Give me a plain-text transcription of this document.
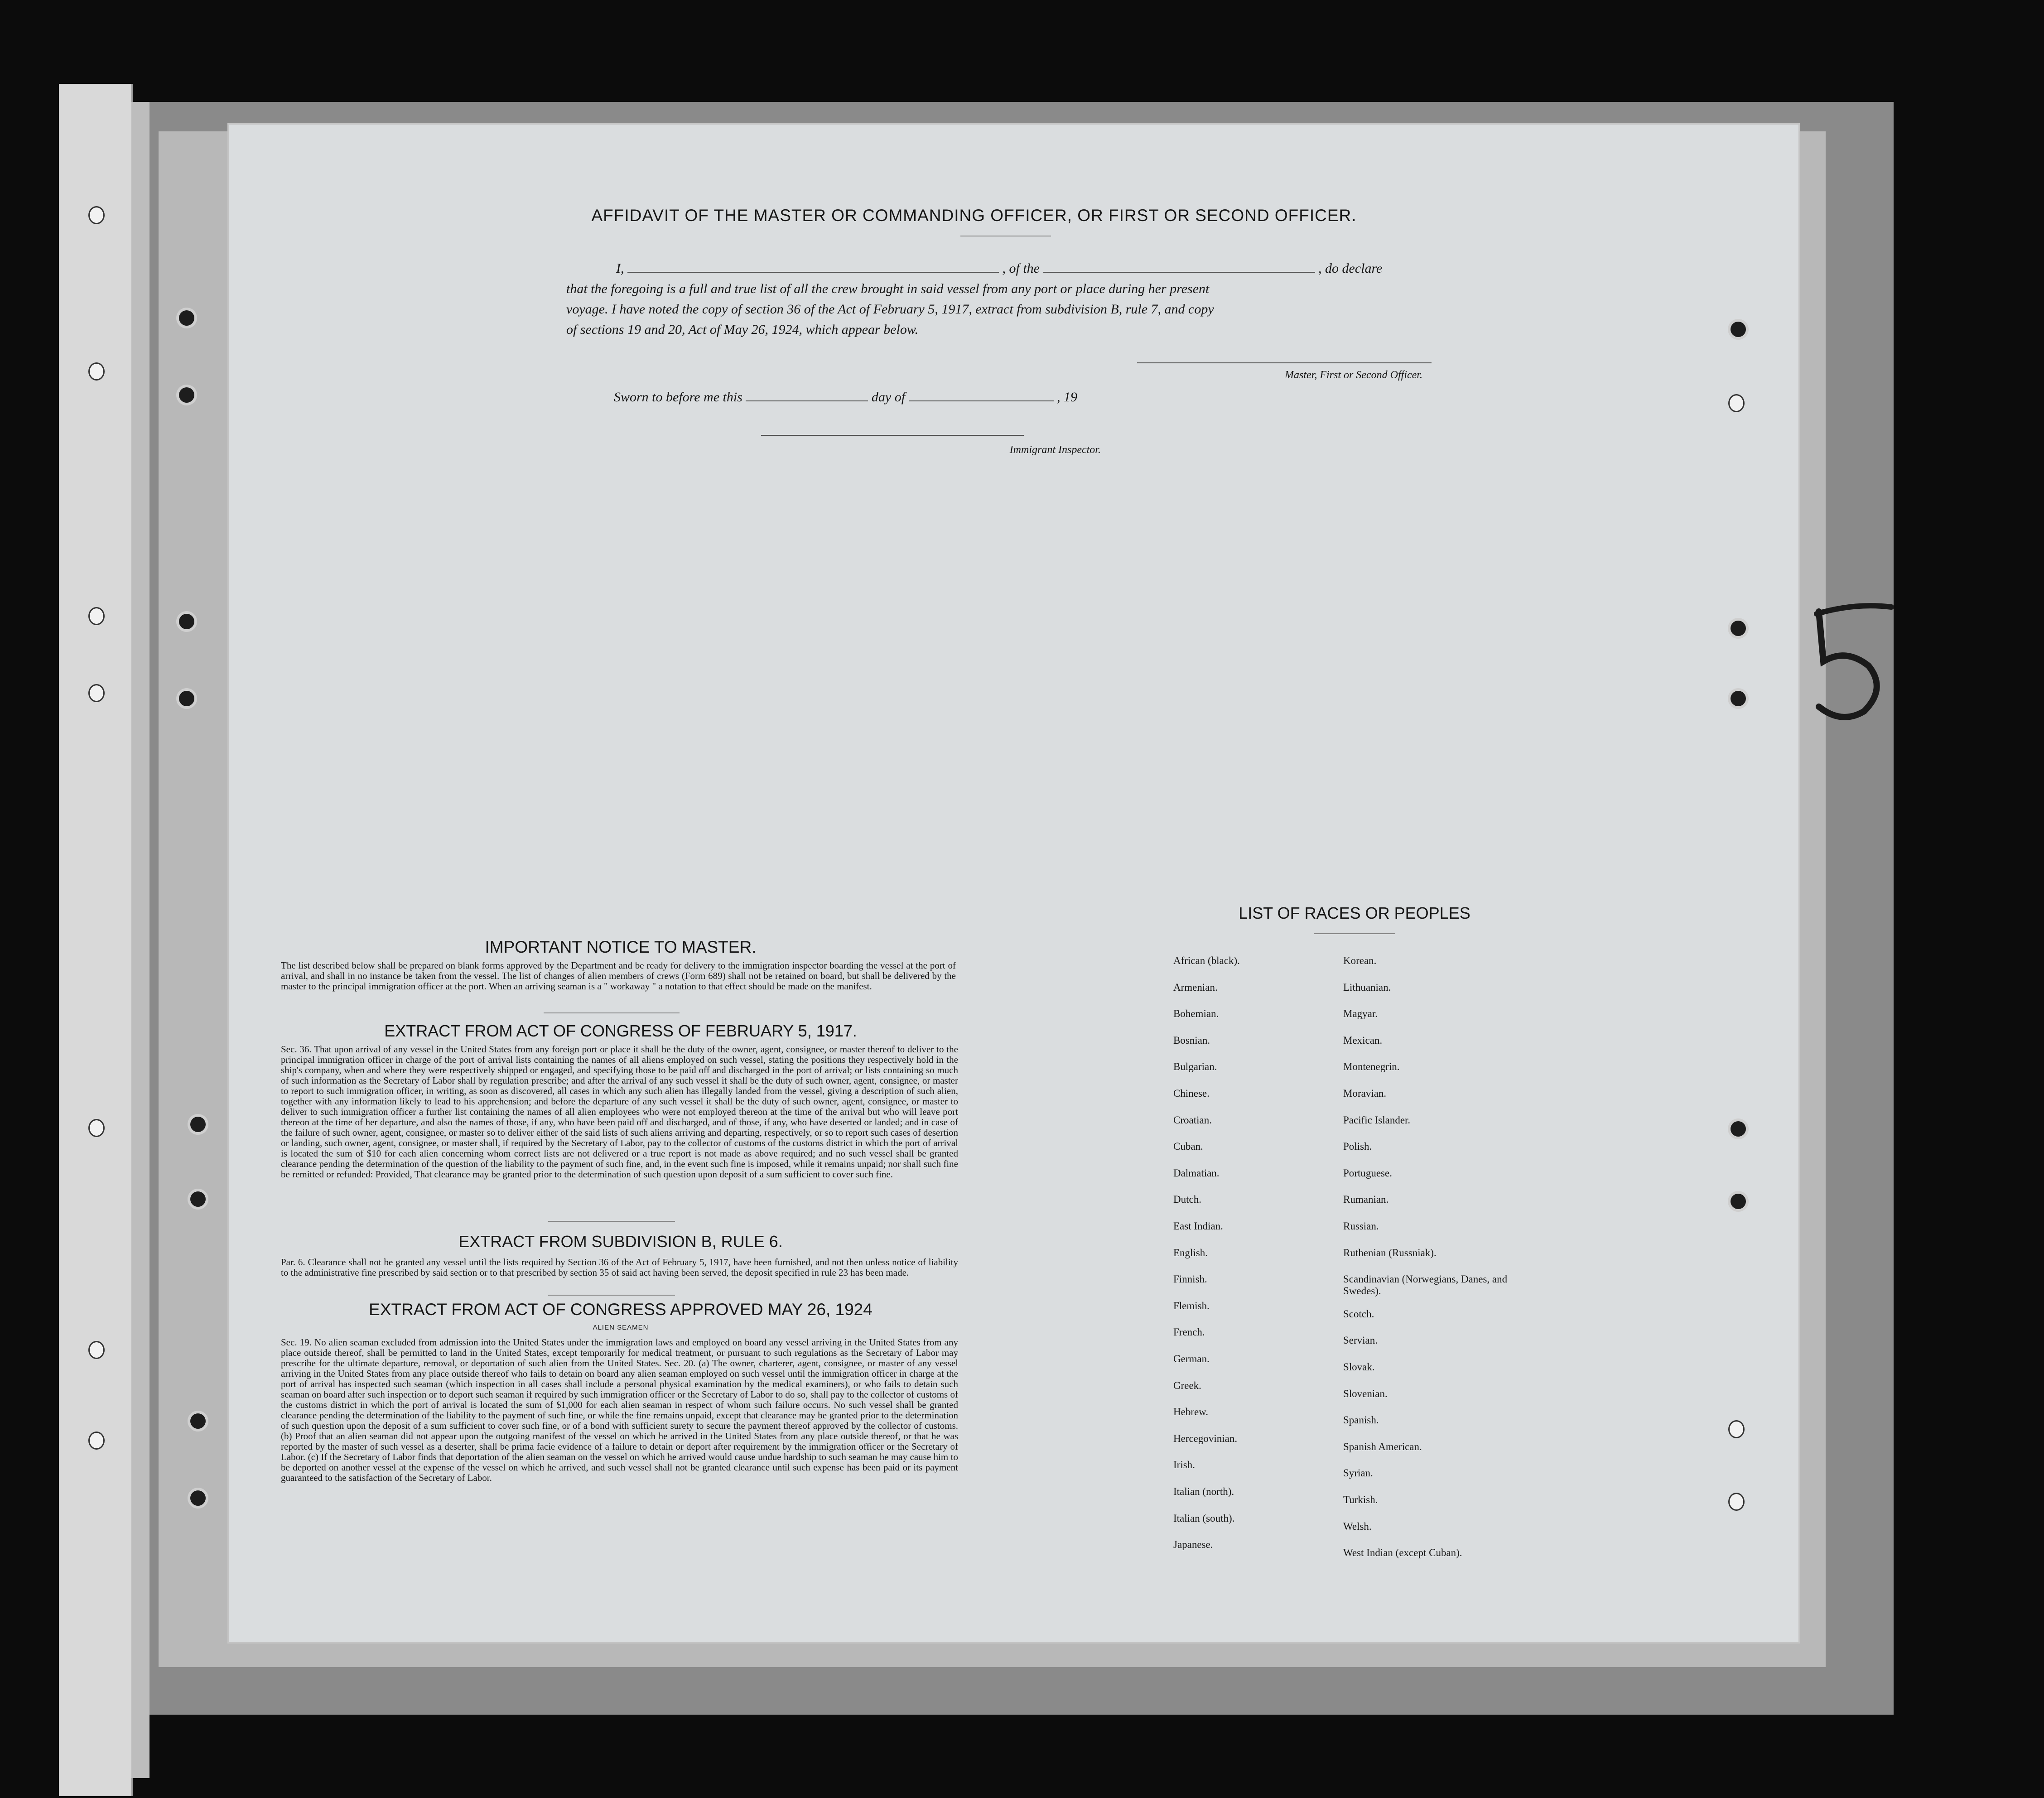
AFFIDAVIT OF THE MASTER OR COMMANDING OFFICER, OR FIRST OR SECOND OFFICER.
I,	, of the	, do declare
that the foregoing is a full and true list of all the crew brought in said vessel from any port or place during her present
voyage. I have noted the copy of section 36 of the Act of February 5, 1917, extract from subdivision B, rule 7, and copy
of sections 19 and 20, Act of May 26, 1924, which appear below.
Master, First or Second Officer.
Sworn to before me this	day of	, 19
Immigrant Inspector.
IMPORTANT NOTICE TO MASTER.
The list described below shall be prepared on blank forms approved by the Department and be ready for delivery to the immigration inspector boarding the vessel at the port of arrival, and shall in no instance be taken from the vessel. The list of changes of alien members of crews (Form 689) shall not be retained on board, but shall be delivered by the master to the principal immigration officer at the port. When an arriving seaman is a " workaway " a notation to that effect should be made on the manifest.
EXTRACT FROM ACT OF CONGRESS OF FEBRUARY 5, 1917.
Sec. 36. That upon arrival of any vessel in the United States from any foreign port or place it shall be the duty of the owner, agent, consignee, or master thereof to deliver to the principal immigration officer in charge of the port of arrival lists containing the names of all aliens employed on such vessel, stating the positions they respectively hold in the ship's company, when and where they were respectively shipped or engaged, and specifying those to be paid off and discharged in the port of arrival; or lists containing so much of such information as the Secretary of Labor shall by regulation prescribe; and after the arrival of any such vessel it shall be the duty of such owner, agent, consignee, or master to report to such immigration officer, in writing, as soon as discovered, all cases in which any such alien has illegally landed from the vessel, giving a description of such alien, together with any information likely to lead to his apprehension; and before the departure of any such vessel it shall be the duty of such owner, agent, consignee, or master to deliver to such immigration officer a further list containing the names of all alien employees who were not employed thereon at the time of the arrival but who will leave port thereon at the time of her departure, and also the names of those, if any, who have been paid off and discharged, and of those, if any, who have deserted or landed; and in case of the failure of such owner, agent, consignee, or master so to deliver either of the said lists of such aliens arriving and departing, respectively, or so to report such cases of desertion or landing, such owner, agent, consignee, or master shall, if required by the Secretary of Labor, pay to the collector of customs of the customs district in which the port of arrival is located the sum of $10 for each alien concerning whom correct lists are not delivered or a true report is not made as above required; and no such vessel shall be granted clearance pending the determination of the question of the liability to the payment of such fine, and, in the event such fine is imposed, while it remains unpaid; nor shall such fine be remitted or refunded: Provided, That clearance may be granted prior to the determination of such question upon deposit of a sum sufficient to cover such fine.
EXTRACT FROM SUBDIVISION B, RULE 6.
Par. 6. Clearance shall not be granted any vessel until the lists required by Section 36 of the Act of February 5, 1917, have been furnished, and not then unless notice of liability to the administrative fine prescribed by said section or to that prescribed by section 35 of said act having been served, the deposit specified in rule 23 has been made.
EXTRACT FROM ACT OF CONGRESS APPROVED MAY 26, 1924
ALIEN SEAMEN
Sec. 19. No alien seaman excluded from admission into the United States under the immigration laws and employed on board any vessel arriving in the United States from any place outside thereof, shall be permitted to land in the United States, except temporarily for medical treatment, or pursuant to such regulations as the Secretary of Labor may prescribe for the ultimate departure, removal, or deportation of such alien from the United States. Sec. 20. (a) The owner, charterer, agent, consignee, or master of any vessel arriving in the United States from any place outside thereof who fails to detain on board any alien seaman employed on such vessel until the immigration officer in charge at the port of arrival has inspected such seaman (which inspection in all cases shall include a personal physical examination by the medical examiners), or who fails to detain such seaman on board after such inspection or to deport such seaman if required by such immigration officer or the Secretary of Labor to do so, shall pay to the collector of customs of the customs district in which the port of arrival is located the sum of $1,000 for each alien seaman in respect of whom such failure occurs. No such vessel shall be granted clearance pending the determination of the liability to the payment of such fine, or while the fine remains unpaid, except that clearance may be granted prior to the determination of such question upon the deposit of a sum sufficient to cover such fine, or of a bond with sufficient surety to secure the payment thereof approved by the collector of customs. (b) Proof that an alien seaman did not appear upon the outgoing manifest of the vessel on which he arrived in the United States from any place outside thereof, or that he was reported by the master of such vessel as a deserter, shall be prima facie evidence of a failure to detain or deport after requirement by the immigration officer or the Secretary of Labor. (c) If the Secretary of Labor finds that deportation of the alien seaman on the vessel on which he arrived would cause undue hardship to such seaman he may cause him to be deported on another vessel at the expense of the vessel on which he arrived, and such vessel shall not be granted clearance until such expense has been paid or its payment guaranteed to the satisfaction of the Secretary of Labor.
LIST OF RACES OR PEOPLES
African (black).
Armenian.
Bohemian.
Bosnian.
Bulgarian.
Chinese.
Croatian.
Cuban.
Dalmatian.
Dutch.
East Indian.
English.
Finnish.
Flemish.
French.
German.
Greek.
Hebrew.
Hercegovinian.
Irish.
Italian (north).
Italian (south).
Japanese.
Korean.
Lithuanian.
Magyar.
Mexican.
Montenegrin.
Moravian.
Pacific Islander.
Polish.
Portuguese.
Rumanian.
Russian.
Ruthenian (Russniak).
Scandinavian (Norwegians, Danes, and Swedes).
Scotch.
Servian.
Slovak.
Slovenian.
Spanish.
Spanish American.
Syrian.
Turkish.
Welsh.
West Indian (except Cuban).
